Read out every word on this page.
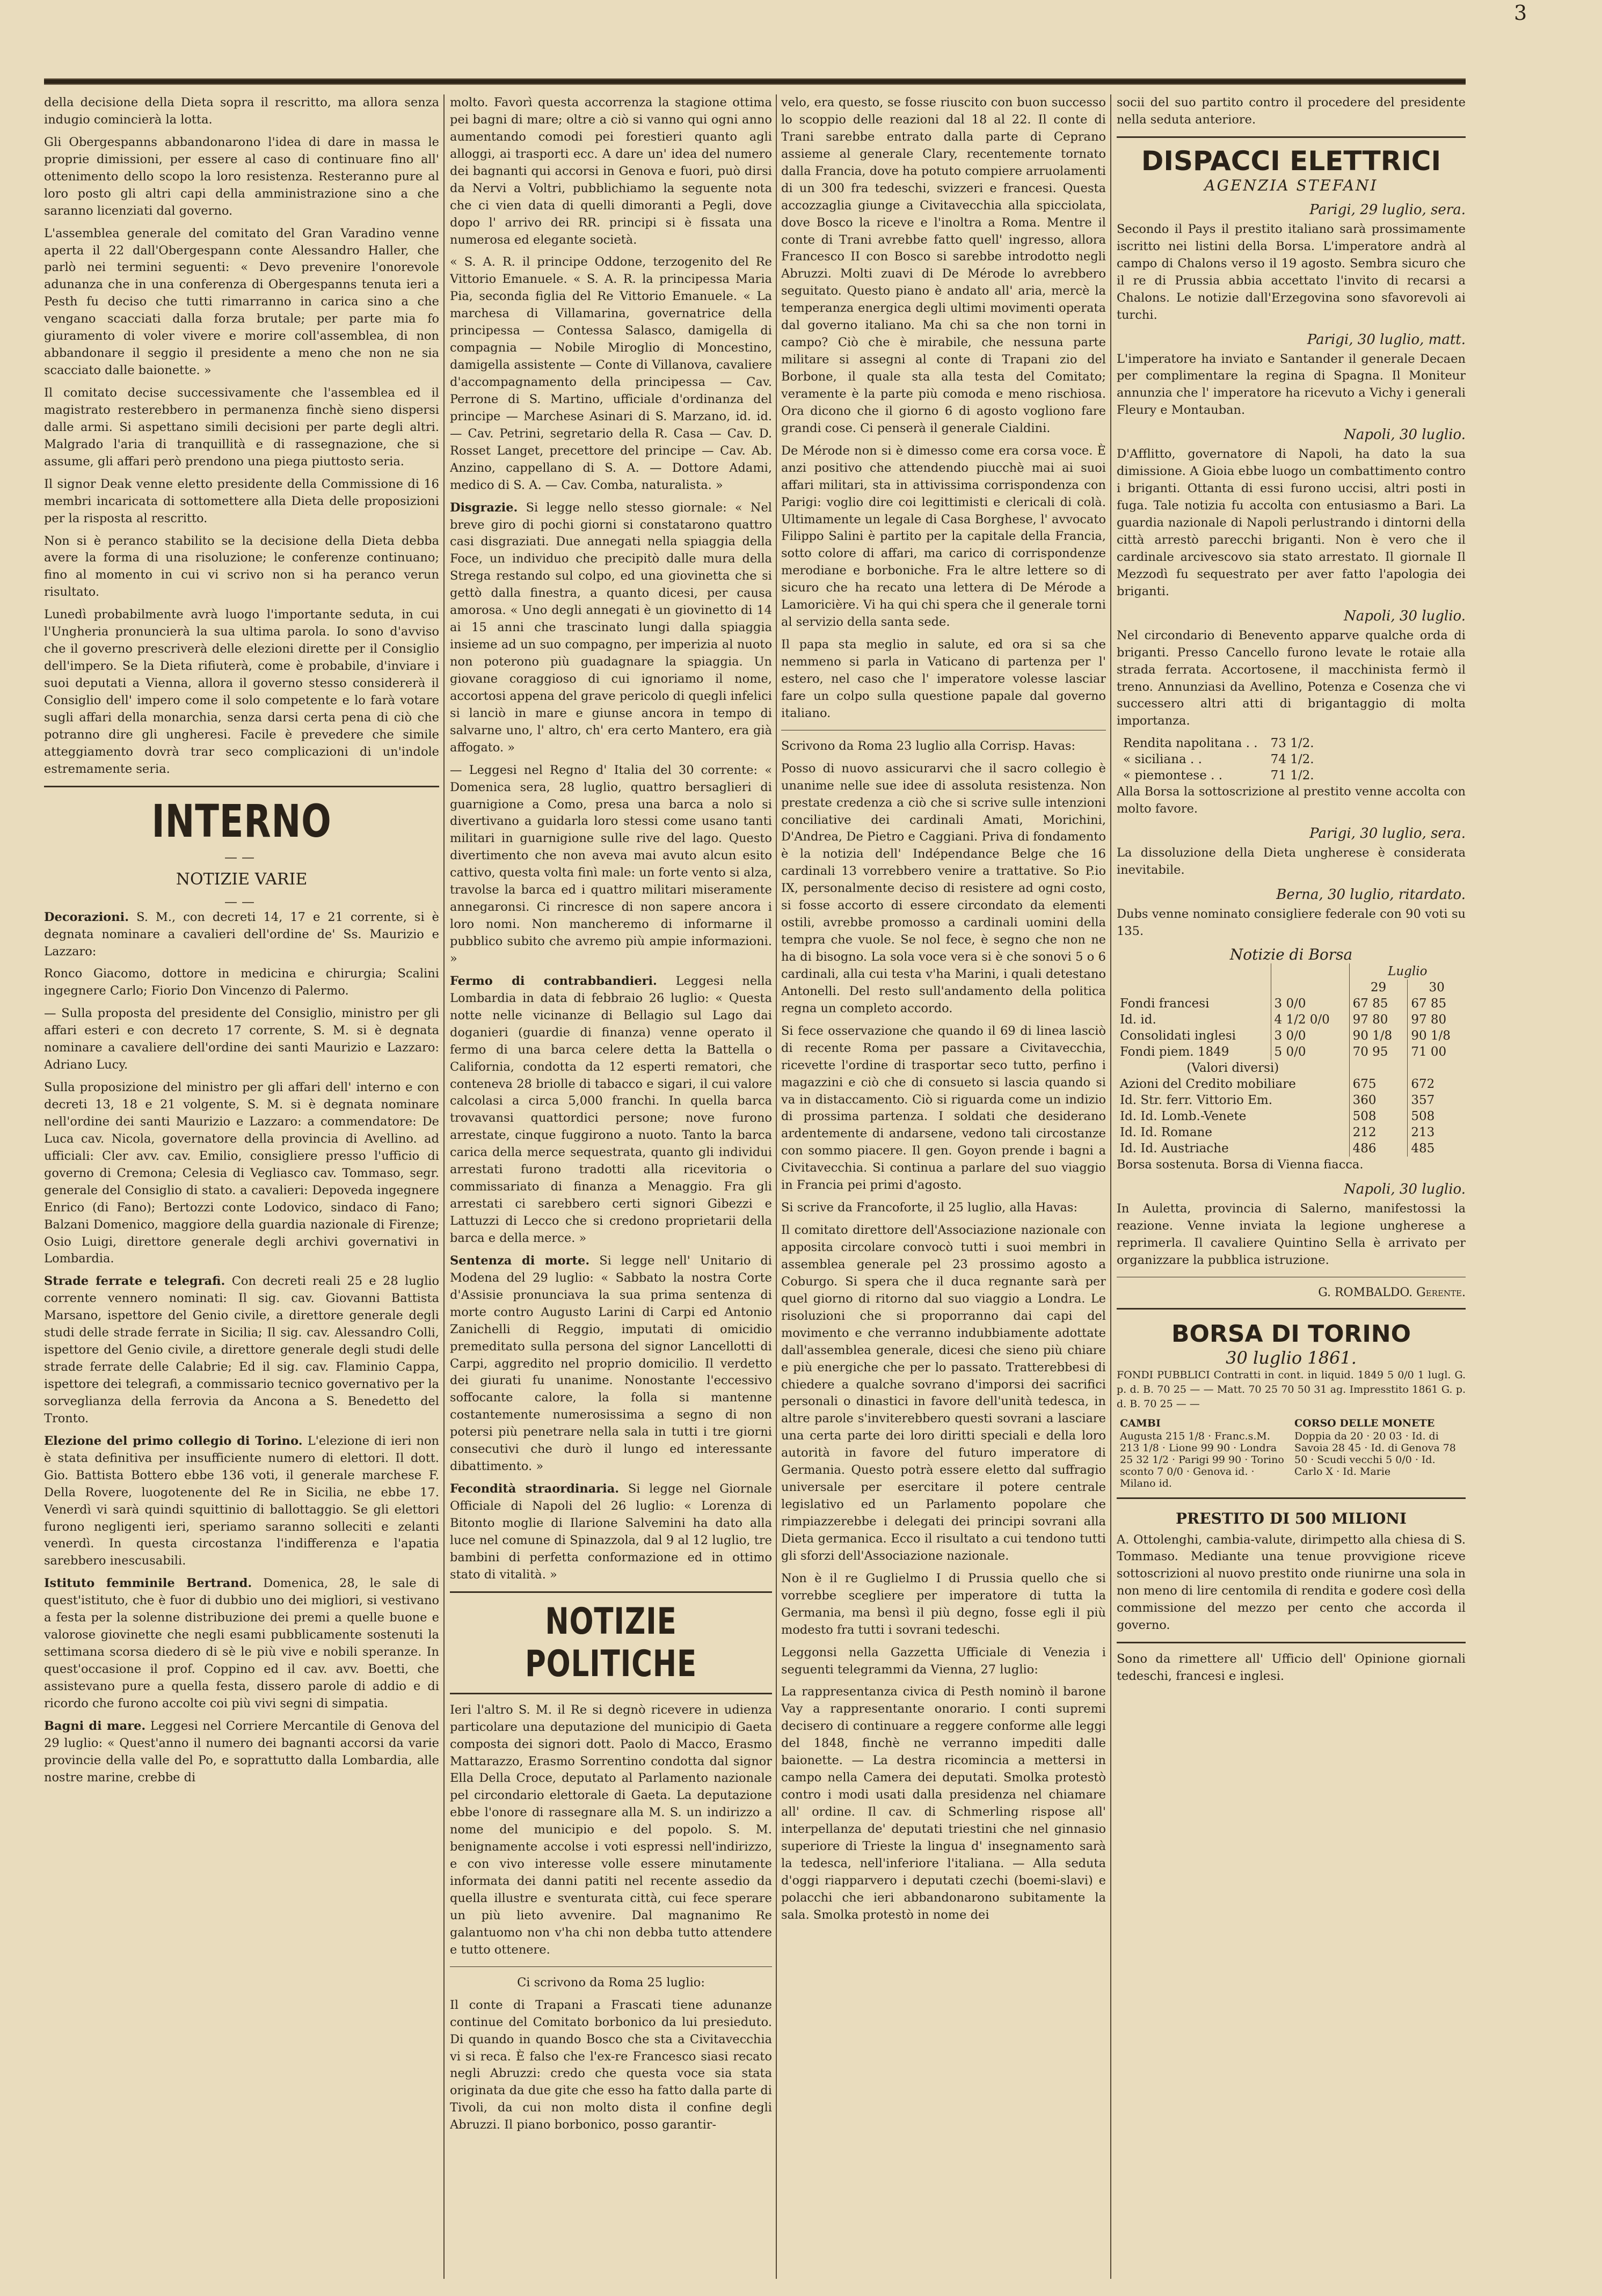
3

della decisione della Dieta sopra il rescritto, ma allora senza indugio comincierà la lotta.

Gli Obergespanns abbandonarono l'idea di dare in massa le proprie dimissioni, per essere al caso di continuare fino all' ottenimento dello scopo la loro resistenza. Resteranno pure al loro posto gli altri capi della amministrazione sino a che saranno licenziati dal governo.

L'assemblea generale del comitato del Gran Varadino venne aperta il 22 dall'Obergespann conte Alessandro Haller, che parlò nei termini seguenti: « Devo prevenire l'onorevole adunanza che in una conferenza di Obergespanns tenuta ieri a Pesth fu deciso che tutti rimarranno in carica sino a che vengano scacciati dalla forza brutale; per parte mia fo giuramento di voler vivere e morire coll'assemblea, di non abbandonare il seggio il presidente a meno che non ne sia scacciato dalle baionette. »

Il comitato decise successivamente che l'assemblea ed il magistrato resterebbero in permanenza finchè sieno dispersi dalle armi. Si aspettano simili decisioni per parte degli altri. Malgrado l'aria di tranquillità e di rassegnazione, che si assume, gli affari però prendono una piega piuttosto seria.

Il signor Deak venne eletto presidente della Commissione di 16 membri incaricata di sottomettere alla Dieta delle proposizioni per la risposta al rescritto.

Non si è peranco stabilito se la decisione della Dieta debba avere la forma di una risoluzione; le conferenze continuano; fino al momento in cui vi scrivo non si ha peranco verun risultato.

Lunedì probabilmente avrà luogo l'importante seduta, in cui l'Ungheria pronuncierà la sua ultima parola. Io sono d'avviso che il governo prescriverà delle elezioni dirette per il Consiglio dell'impero. Se la Dieta rifiuterà, come è probabile, d'inviare i suoi deputati a Vienna, allora il governo stesso considererà il Consiglio dell' impero come il solo competente e lo farà votare sugli affari della monarchia, senza darsi certa pena di ciò che potranno dire gli ungheresi. Facile è prevedere che simile atteggiamento dovrà trar seco complicazioni di un'indole estremamente seria.

INTERNO
——
NOTIZIE VARIE
——

Decorazioni. S. M., con decreti 14, 17 e 21 corrente, si è degnata nominare a cavalieri dell'ordine de' Ss. Maurizio e Lazzaro:

Ronco Giacomo, dottore in medicina e chirurgia; Scalini ingegnere Carlo; Fiorio Don Vincenzo di Palermo.

— Sulla proposta del presidente del Consiglio, ministro per gli affari esteri e con decreto 17 corrente, S. M. si è degnata nominare a cavaliere dell'ordine dei santi Maurizio e Lazzaro: Adriano Lucy.

Sulla proposizione del ministro per gli affari dell' interno e con decreti 13, 18 e 21 volgente, S. M. si è degnata nominare nell'ordine dei santi Maurizio e Lazzaro: a commendatore: De Luca cav. Nicola, governatore della provincia di Avellino. ad ufficiali: Cler avv. cav. Emilio, consigliere presso l'ufficio di governo di Cremona; Celesia di Vegliasco cav. Tommaso, segr. generale del Consiglio di stato. a cavalieri: Depoveda ingegnere Enrico (di Fano); Bertozzi conte Lodovico, sindaco di Fano; Balzani Domenico, maggiore della guardia nazionale di Firenze; Osio Luigi, direttore generale degli archivi governativi in Lombardia.

Strade ferrate e telegrafi. Con decreti reali 25 e 28 luglio corrente vennero nominati: Il sig. cav. Giovanni Battista Marsano, ispettore del Genio civile, a direttore generale degli studi delle strade ferrate in Sicilia; Il sig. cav. Alessandro Colli, ispettore del Genio civile, a direttore generale degli studi delle strade ferrate delle Calabrie; Ed il sig. cav. Flaminio Cappa, ispettore dei telegrafi, a commissario tecnico governativo per la sorveglianza della ferrovia da Ancona a S. Benedetto del Tronto.

Elezione del primo collegio di Torino. L'elezione di ieri non è stata definitiva per insufficiente numero di elettori. Il dott. Gio. Battista Bottero ebbe 136 voti, il generale marchese F. Della Rovere, luogotenente del Re in Sicilia, ne ebbe 17. Venerdì vi sarà quindi squittinio di ballottaggio. Se gli elettori furono negligenti ieri, speriamo saranno solleciti e zelanti venerdì. In questa circostanza l'indifferenza e l'apatia sarebbero inescusabili.

Istituto femminile Bertrand. Domenica, 28, le sale di quest'istituto, che è fuor di dubbio uno dei migliori, si vestivano a festa per la solenne distribuzione dei premi a quelle buone e valorose giovinette che negli esami pubblicamente sostenuti la settimana scorsa diedero di sè le più vive e nobili speranze. In quest'occasione il prof. Coppino ed il cav. avv. Boetti, che assistevano pure a quella festa, dissero parole di addio e di ricordo che furono accolte coi più vivi segni di simpatia.

Bagni di mare. Leggesi nel Corriere Mercantile di Genova del 29 luglio: « Quest'anno il numero dei bagnanti accorsi da varie provincie della valle del Po, e soprattutto dalla Lombardia, alle nostre marine, crebbe di

molto. Favorì questa accorrenza la stagione ottima pei bagni di mare; oltre a ciò si vanno qui ogni anno aumentando comodi pei forestieri quanto agli alloggi, ai trasporti ecc. A dare un' idea del numero dei bagnanti qui accorsi in Genova e fuori, può dirsi da Nervi a Voltri, pubblichiamo la seguente nota che ci vien data di quelli dimoranti a Pegli, dove dopo l' arrivo dei RR. principi si è fissata una numerosa ed elegante società.

« S. A. R. il principe Oddone, terzogenito del Re Vittorio Emanuele. « S. A. R. la principessa Maria Pia, seconda figlia del Re Vittorio Emanuele. « La marchesa di Villamarina, governatrice della principessa — Contessa Salasco, damigella di compagnia — Nobile Miroglio di Moncestino, damigella assistente — Conte di Villanova, cavaliere d'accompagnamento della principessa — Cav. Perrone di S. Martino, ufficiale d'ordinanza del principe — Marchese Asinari di S. Marzano, id. id. — Cav. Petrini, segretario della R. Casa — Cav. D. Rosset Langet, precettore del principe — Cav. Ab. Anzino, cappellano di S. A. — Dottore Adami, medico di S. A. — Cav. Comba, naturalista. »

Disgrazie. Si legge nello stesso giornale: « Nel breve giro di pochi giorni si constatarono quattro casi disgraziati. Due annegati nella spiaggia della Foce, un individuo che precipitò dalle mura della Strega restando sul colpo, ed una giovinetta che si gettò dalla finestra, a quanto dicesi, per causa amorosa. « Uno degli annegati è un giovinetto di 14 ai 15 anni che trascinato lungi dalla spiaggia insieme ad un suo compagno, per imperizia al nuoto non poterono più guadagnare la spiaggia. Un giovane coraggioso di cui ignoriamo il nome, accortosi appena del grave pericolo di quegli infelici si lanciò in mare e giunse ancora in tempo di salvarne uno, l' altro, ch' era certo Mantero, era già affogato. »

— Leggesi nel Regno d' Italia del 30 corrente: « Domenica sera, 28 luglio, quattro bersaglieri di guarnigione a Como, presa una barca a nolo si divertivano a guidarla loro stessi come usano tanti militari in guarnigione sulle rive del lago. Questo divertimento che non aveva mai avuto alcun esito cattivo, questa volta finì male: un forte vento si alza, travolse la barca ed i quattro militari miseramente annegaronsi. Ci rincresce di non sapere ancora i loro nomi. Non mancheremo di informarne il pubblico subito che avremo più ampie informazioni. »

Fermo di contrabbandieri. Leggesi nella Lombardia in data di febbraio 26 luglio: « Questa notte nelle vicinanze di Bellagio sul Lago dai doganieri (guardie di finanza) venne operato il fermo di una barca celere detta la Battella o California, condotta da 12 esperti rematori, che conteneva 28 briolle di tabacco e sigari, il cui valore calcolasi a circa 5,000 franchi. In quella barca trovavansi quattordici persone; nove furono arrestate, cinque fuggirono a nuoto. Tanto la barca carica della merce sequestrata, quanto gli individui arrestati furono tradotti alla ricevitoria o commissariato di finanza a Menaggio. Fra gli arrestati ci sarebbero certi signori Gibezzi e Lattuzzi di Lecco che si credono proprietarii della barca e della merce. »

Sentenza di morte. Si legge nell' Unitario di Modena del 29 luglio: « Sabbato la nostra Corte d'Assisie pronunciava la sua prima sentenza di morte contro Augusto Larini di Carpi ed Antonio Zanichelli di Reggio, imputati di omicidio premeditato sulla persona del signor Lancellotti di Carpi, aggredito nel proprio domicilio. Il verdetto dei giurati fu unanime. Nonostante l'eccessivo soffocante calore, la folla si mantenne costantemente numerosissima a segno di non potersi più penetrare nella sala in tutti i tre giorni consecutivi che durò il lungo ed interessante dibattimento. »

Fecondità straordinaria. Si legge nel Giornale Officiale di Napoli del 26 luglio: « Lorenza di Bitonto moglie di Ilarione Salvemini ha dato alla luce nel comune di Spinazzola, dal 9 al 12 luglio, tre bambini di perfetta conformazione ed in ottimo stato di vitalità. »

NOTIZIE POLITICHE

Ieri l'altro S. M. il Re si degnò ricevere in udienza particolare una deputazione del municipio di Gaeta composta dei signori dott. Paolo di Macco, Erasmo Mattarazzo, Erasmo Sorrentino condotta dal signor Ella Della Croce, deputato al Parlamento nazionale pel circondario elettorale di Gaeta. La deputazione ebbe l'onore di rassegnare alla M. S. un indirizzo a nome del municipio e del popolo. S. M. benignamente accolse i voti espressi nell'indirizzo, e con vivo interesse volle essere minutamente informata dei danni patiti nel recente assedio da quella illustre e sventurata città, cui fece sperare un più lieto avvenire. Dal magnanimo Re galantuomo non v'ha chi non debba tutto attendere e tutto ottenere.

Ci scrivono da Roma 25 luglio:

Il conte di Trapani a Frascati tiene adunanze continue del Comitato borbonico da lui presieduto. Di quando in quando Bosco che sta a Civitavecchia vi si reca. È falso che l'ex-re Francesco siasi recato negli Abruzzi: credo che questa voce sia stata originata da due gite che esso ha fatto dalla parte di Tivoli, da cui non molto dista il confine degli Abruzzi. Il piano borbonico, posso garantir-

velo, era questo, se fosse riuscito con buon successo lo scoppio delle reazioni dal 18 al 22. Il conte di Trani sarebbe entrato dalla parte di Ceprano assieme al generale Clary, recentemente tornato dalla Francia, dove ha potuto compiere arruolamenti di un 300 fra tedeschi, svizzeri e francesi. Questa accozzaglia giunge a Civitavecchia alla spicciolata, dove Bosco la riceve e l'inoltra a Roma. Mentre il conte di Trani avrebbe fatto quell' ingresso, allora Francesco II con Bosco si sarebbe introdotto negli Abruzzi. Molti zuavi di De Mérode lo avrebbero seguitato. Questo piano è andato all' aria, mercè la temperanza energica degli ultimi movimenti operata dal governo italiano. Ma chi sa che non torni in campo? Ciò che è mirabile, che nessuna parte militare si assegni al conte di Trapani zio del Borbone, il quale sta alla testa del Comitato; veramente è la parte più comoda e meno rischiosa. Ora dicono che il giorno 6 di agosto vogliono fare grandi cose. Ci penserà il generale Cialdini.

De Mérode non si è dimesso come era corsa voce. È anzi positivo che attendendo piucchè mai ai suoi affari militari, sta in attivissima corrispondenza con Parigi: voglio dire coi legittimisti e clericali di colà. Ultimamente un legale di Casa Borghese, l' avvocato Filippo Salini è partito per la capitale della Francia, sotto colore di affari, ma carico di corrispondenze merodiane e borboniche. Fra le altre lettere so di sicuro che ha recato una lettera di De Mérode a Lamoricière. Vi ha qui chi spera che il generale torni al servizio della santa sede.

Il papa sta meglio in salute, ed ora si sa che nemmeno si parla in Vaticano di partenza per l' estero, nel caso che l' imperatore volesse lasciar fare un colpo sulla questione papale dal governo italiano.

Scrivono da Roma 23 luglio alla Corrisp. Havas:

Posso di nuovo assicurarvi che il sacro collegio è unanime nelle sue idee di assoluta resistenza. Non prestate credenza a ciò che si scrive sulle intenzioni conciliative dei cardinali Amati, Morichini, D'Andrea, De Pietro e Caggiani. Priva di fondamento è la notizia dell' Indépendance Belge che 16 cardinali 13 vorrebbero venire a trattative. So P.io IX, personalmente deciso di resistere ad ogni costo, si fosse accorto di essere circondato da elementi ostili, avrebbe promosso a cardinali uomini della tempra che vuole. Se nol fece, è segno che non ne ha di bisogno. La sola voce vera si è che sonovi 5 o 6 cardinali, alla cui testa v'ha Marini, i quali detestano Antonelli. Del resto sull'andamento della politica regna un completo accordo.

Si fece osservazione che quando il 69 di linea lasciò di recente Roma per passare a Civitavecchia, ricevette l'ordine di trasportar seco tutto, perfino i magazzini e ciò che di consueto si lascia quando si va in distaccamento. Ciò si riguarda come un indizio di prossima partenza. I soldati che desiderano ardentemente di andarsene, vedono tali circostanze con sommo piacere. Il gen. Goyon prende i bagni a Civitavecchia. Si continua a parlare del suo viaggio in Francia pei primi d'agosto.

Si scrive da Francoforte, il 25 luglio, alla Havas:

Il comitato direttore dell'Associazione nazionale con apposita circolare convocò tutti i suoi membri in assemblea generale pel 23 prossimo agosto a Coburgo. Si spera che il duca regnante sarà per quel giorno di ritorno dal suo viaggio a Londra. Le risoluzioni che si proporranno dai capi del movimento e che verranno indubbiamente adottate dall'assemblea generale, dicesi che sieno più chiare e più energiche che per lo passato. Tratterebbesi di chiedere a qualche sovrano d'imporsi dei sacrifici personali o dinastici in favore dell'unità tedesca, in altre parole s'inviterebbero questi sovrani a lasciare una certa parte dei loro diritti speciali e della loro autorità in favore del futuro imperatore di Germania. Questo potrà essere eletto dal suffragio universale per esercitare il potere centrale legislativo ed un Parlamento popolare che rimpiazzerebbe i delegati dei principi sovrani alla Dieta germanica. Ecco il risultato a cui tendono tutti gli sforzi dell'Associazione nazionale.

Non è il re Guglielmo I di Prussia quello che si vorrebbe scegliere per imperatore di tutta la Germania, ma bensì il più degno, fosse egli il più modesto fra tutti i sovrani tedeschi.

Leggonsi nella Gazzetta Ufficiale di Venezia i seguenti telegrammi da Vienna, 27 luglio:

La rappresentanza civica di Pesth nominò il barone Vay a rappresentante onorario. I conti supremi decisero di continuare a reggere conforme alle leggi del 1848, finchè ne verranno impediti dalle baionette. — La destra ricomincia a mettersi in campo nella Camera dei deputati. Smolka protestò contro i modi usati dalla presidenza nel chiamare all' ordine. Il cav. di Schmerling rispose all' interpellanza de' deputati triestini che nel ginnasio superiore di Trieste la lingua d' insegnamento sarà la tedesca, nell'inferiore l'italiana. — Alla seduta d'oggi riapparvero i deputati czechi (boemi-slavi) e polacchi che ieri abbandonarono subitamente la sala. Smolka protestò in nome dei

socii del suo partito contro il procedere del presidente nella seduta anteriore.

DISPACCI ELETTRICI
AGENZIA STEFANI
Parigi, 29 luglio, sera.

Secondo il Pays il prestito italiano sarà prossimamente iscritto nei listini della Borsa. L'imperatore andrà al campo di Chalons verso il 19 agosto. Sembra sicuro che il re di Prussia abbia accettato l'invito di recarsi a Chalons. Le notizie dall'Erzegovina sono sfavorevoli ai turchi.

Parigi, 30 luglio, matt.

L'imperatore ha inviato e Santander il generale Decaen per complimentare la regina di Spagna. Il Moniteur annunzia che l' imperatore ha ricevuto a Vichy i generali Fleury e Montauban.

Napoli, 30 luglio.

D'Afflitto, governatore di Napoli, ha dato la sua dimissione. A Gioia ebbe luogo un combattimento contro i briganti. Ottanta di essi furono uccisi, altri posti in fuga. Tale notizia fu accolta con entusiasmo a Bari. La guardia nazionale di Napoli perlustrando i dintorni della città arrestò parecchi briganti. Non è vero che il cardinale arcivescovo sia stato arrestato. Il giornale Il Mezzodì fu sequestrato per aver fatto l'apologia dei briganti.

Napoli, 30 luglio.

Nel circondario di Benevento apparve qualche orda di briganti. Presso Cancello furono levate le rotaie alla strada ferrata. Accortosene, il macchinista fermò il treno. Annunziasi da Avellino, Potenza e Cosenza che vi successero altri atti di brigantaggio di molta importanza.

Rendita napolitana . .	73 1/2.
« siciliana . .	74 1/2.
« piemontese . .	71 1/2.

Alla Borsa la sottoscrizione al prestito venne accolta con molto favore.

Parigi, 30 luglio, sera.

La dissoluzione della Dieta ungherese è considerata inevitabile.

Berna, 30 luglio, ritardato.

Dubs venne nominato consigliere federale con 90 voti su 135.

Notizie di Borsa
		Luglio	
		29	30
Fondi francesi	3 0/0	67 85	67 85
Id. id.	4 1/2 0/0	97 80	97 80
Consolidati inglesi	3 0/0	90 1/8	90 1/8
Fondi piem. 1849	5 0/0	70 95	71 00
(Valori diversi)			
Azioni del Credito mobiliare		675	672
Id. Str. ferr. Vittorio Em.		360	357
Id. Id. Lomb.-Venete		508	508
Id. Id. Romane		212	213
Id. Id. Austriache		486	485

Borsa sostenuta. Borsa di Vienna fiacca.

Napoli, 30 luglio.

In Auletta, provincia di Salerno, manifestossi la reazione. Venne inviata la legione ungherese a reprimerla. Il cavaliere Quintino Sella è arrivato per organizzare la pubblica istruzione.

G. ROMBALDO. Gerente.
BORSA DI TORINO
30 luglio 1861.

FONDI PUBBLICI Contratti in cont. in liquid. 1849 5 0/0 1 lugl. G. p. d. B. 70 25 — — Matt. 70 25 70 50 31 ag. Impresstito 1861 G. p. d. B. 70 25 — —

CAMBI	CORSO DELLE MONETE
Augusta 215 1/8 · Franc.s.M. 213 1/8 · Lione 99 90 · Londra 25 32 1/2 · Parigi 99 90 · Torino sconto 7 0/0 · Genova id. · Milano id.	Doppia da 20 · 20 03 · Id. di Savoia 28 45 · Id. di Genova 78 50 · Scudi vecchi 5 0/0 · Id. Carlo X · Id. Marie
PRESTITO DI 500 MILIONI

A. Ottolenghi, cambia-valute, dirimpetto alla chiesa di S. Tommaso. Mediante una tenue provvigione riceve sottoscrizioni al nuovo prestito onde riunirne una sola in non meno di lire centomila di rendita e godere così della commissione del mezzo per cento che accorda il governo.

Sono da rimettere all' Ufficio dell' Opinione giornali tedeschi, francesi e inglesi.
